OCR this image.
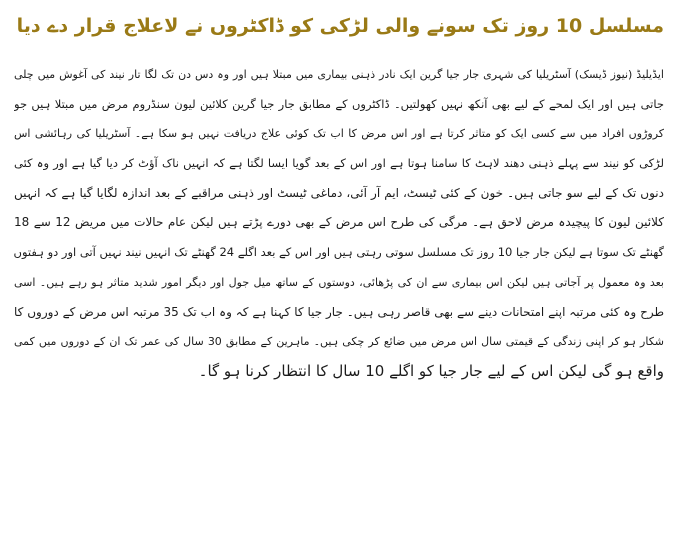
مسلسل 10 روز تک سونے والی لڑکی کو ڈاکٹروں نے لاعلاج قرار دے دیا
ایڈیلیڈ (نیوز ڈیسک) آسٹریلیا کی شہری جار جیا گرین ایک نادر ذہنی بیماری میں مبتلا ہیں اور وہ دس دن تک لگا تار نیند کی آغوش میں چلی
جاتی ہیں اور ایک لمحے کے لیے بھی آنکھ نہیں کھولتیں۔ ڈاکٹروں کے مطابق جار جیا گرین کلائین لیون سنڈروم مرض میں مبتلا ہیں جو
کروڑوں افراد میں سے کسی ایک کو متاثر کرتا ہے اور اس مرض کا اب تک کوئی علاج دریافت نہیں ہو سکا ہے۔ آسٹریلیا کی رہائشی اس
لڑکی کو نیند سے پہلے ذہنی دھند لاہٹ کا سامنا ہوتا ہے اور اس کے بعد گویا ایسا لگتا ہے کہ انہیں ناک آؤٹ کر دیا گیا ہے اور وہ کئی
دنوں تک کے لیے سو جاتی ہیں۔ خون کے کئی ٹیسٹ، ایم آر آئی، دماغی ٹیسٹ اور ذہنی مراقبے کے بعد اندازہ لگایا گیا ہے کہ انہیں
کلائین لیون کا پیچیدہ مرض لاحق ہے۔ مرگی کی طرح اس مرض کے بھی دورے پڑتے ہیں لیکن عام حالات میں مریض 12 سے 18
گھنٹے تک سوتا ہے لیکن جار جیا 10 روز تک مسلسل سوتی رہتی ہیں اور اس کے بعد اگلے 24 گھنٹے تک انہیں نیند نہیں آتی اور دو ہفتوں
بعد وہ معمول پر آجاتی ہیں لیکن اس بیماری سے ان کی پڑھائی، دوستوں کے ساتھ میل جول اور دیگر امور شدید متاثر ہو رہے ہیں۔ اسی
طرح وہ کئی مرتبہ اپنے امتحانات دینے سے بھی قاصر رہی ہیں۔ جار جیا کا کہنا ہے کہ وہ اب تک 35 مرتبہ اس مرض کے دوروں کا
شکار ہو کر اپنی زندگی کے قیمتی سال اس مرض میں ضائع کر چکی ہیں۔ ماہرین کے مطابق 30 سال کی عمر تک ان کے دوروں میں کمی
واقع ہو گی لیکن اس کے لیے جار جیا کو اگلے 10 سال کا انتظار کرنا ہو گا۔
